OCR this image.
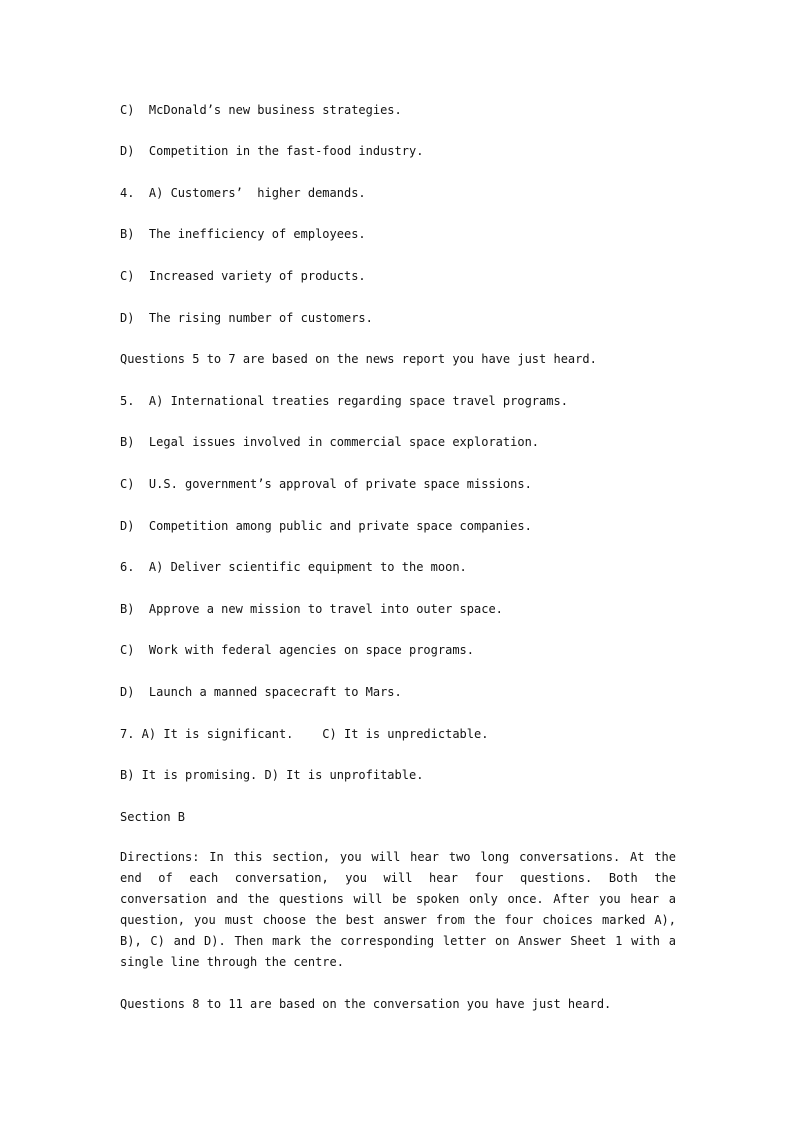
C)  McDonald’s new business strategies.
D)  Competition in the fast-food industry.
4.  A) Customers’  higher demands.
B)  The inefficiency of employees.
C)  Increased variety of products.
D)  The rising number of customers.
Questions 5 to 7 are based on the news report you have just heard.
5.  A) International treaties regarding space travel programs.
B)  Legal issues involved in commercial space exploration.
C)  U.S. government’s approval of private space missions.
D)  Competition among public and private space companies.
6.  A) Deliver scientific equipment to the moon.
B)  Approve a new mission to travel into outer space.
C)  Work with federal agencies on space programs.
D)  Launch a manned spacecraft to Mars.
7. A) It is significant.    C) It is unpredictable.
B) It is promising. D) It is unprofitable.
Section B
Directions: In this section, you will hear two long conversations. At the end of each conversation, you will hear four questions. Both the conversation and the questions will be spoken only once. After you hear a question, you must choose the best answer from the four choices marked A), B), C) and D). Then mark the corresponding letter on Answer Sheet 1 with a single line through the centre.
Questions 8 to 11 are based on the conversation you have just heard.
